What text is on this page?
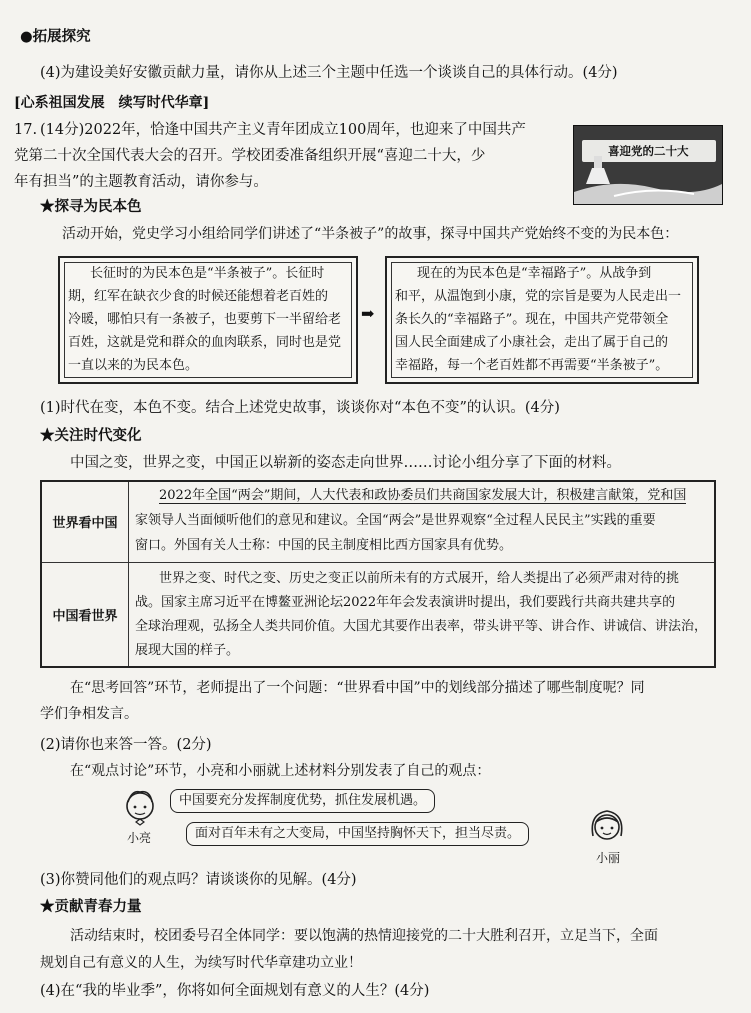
●拓展探究
(4)为建设美好安徽贡献力量，请你从上述三个主题中任选一个谈谈自己的具体行动。(4分)
[心系祖国发展　续写时代华章]
17. (14分)2022年，恰逢中国共产主义青年团成立100周年，也迎来了中国共产
党第二十次全国代表大会的召开。学校团委准备组织开展“喜迎二十大，少
年有担当”的主题教育活动，请你参与。
喜迎党的二十大
★探寻为民本色
活动开始，党史学习小组给同学们讲述了“半条被子”的故事，探寻中国共产党始终不变的为民本色：
长征时的为民本色是“半条被子”。长征时
期，红军在缺衣少食的时候还能想着老百姓的
冷暖，哪怕只有一条被子，也要剪下一半留给老
百姓，这就是党和群众的血肉联系，同时也是党
一直以来的为民本色。
➡
现在的为民本色是“幸福路子”。从战争到
和平，从温饱到小康，党的宗旨是要为人民走出一
条长久的“幸福路子”。现在，中国共产党带领全
国人民全面建成了小康社会，走出了属于自己的
幸福路，每一个老百姓都不再需要“半条被子”。
(1)时代在变，本色不变。结合上述党史故事，谈谈你对“本色不变”的认识。(4分)
★关注时代变化
中国之变，世界之变，中国正以崭新的姿态走向世界……讨论小组分享了下面的材料。
世界看中国	2022年全国“两会”期间，人大代表和政协委员们共商国家发展大计，积极建言献策，党和国
家领导人当面倾听他们的意见和建议。全国“两会”是世界观察“全过程人民民主”实践的重要
窗口。外国有关人士称：中国的民主制度相比西方国家具有优势。

中国看世界	世界之变、时代之变、历史之变正以前所未有的方式展开，给人类提出了必须严肃对待的挑
战。国家主席习近平在博鳌亚洲论坛2022年年会发表演讲时提出，我们要践行共商共建共享的
全球治理观，弘扬全人类共同价值。大国尤其要作出表率，带头讲平等、讲合作、讲诚信、讲法治，
展现大国的样子。
在“思考回答”环节，老师提出了一个问题：“世界看中国”中的划线部分描述了哪些制度呢？同
学们争相发言。
(2)请你也来答一答。(2分)
在“观点讨论”环节，小亮和小丽就上述材料分别发表了自己的观点：
小亮
中国要充分发挥制度优势，抓住发展机遇。
面对百年未有之大变局，中国坚持胸怀天下，担当尽责。
小丽
(3)你赞同他们的观点吗？请谈谈你的见解。(4分)
★贡献青春力量
活动结束时，校团委号召全体同学：要以饱满的热情迎接党的二十大胜利召开，立足当下，全面
规划自己有意义的人生，为续写时代华章建功立业！
(4)在“我的毕业季”，你将如何全面规划有意义的人生？(4分)
